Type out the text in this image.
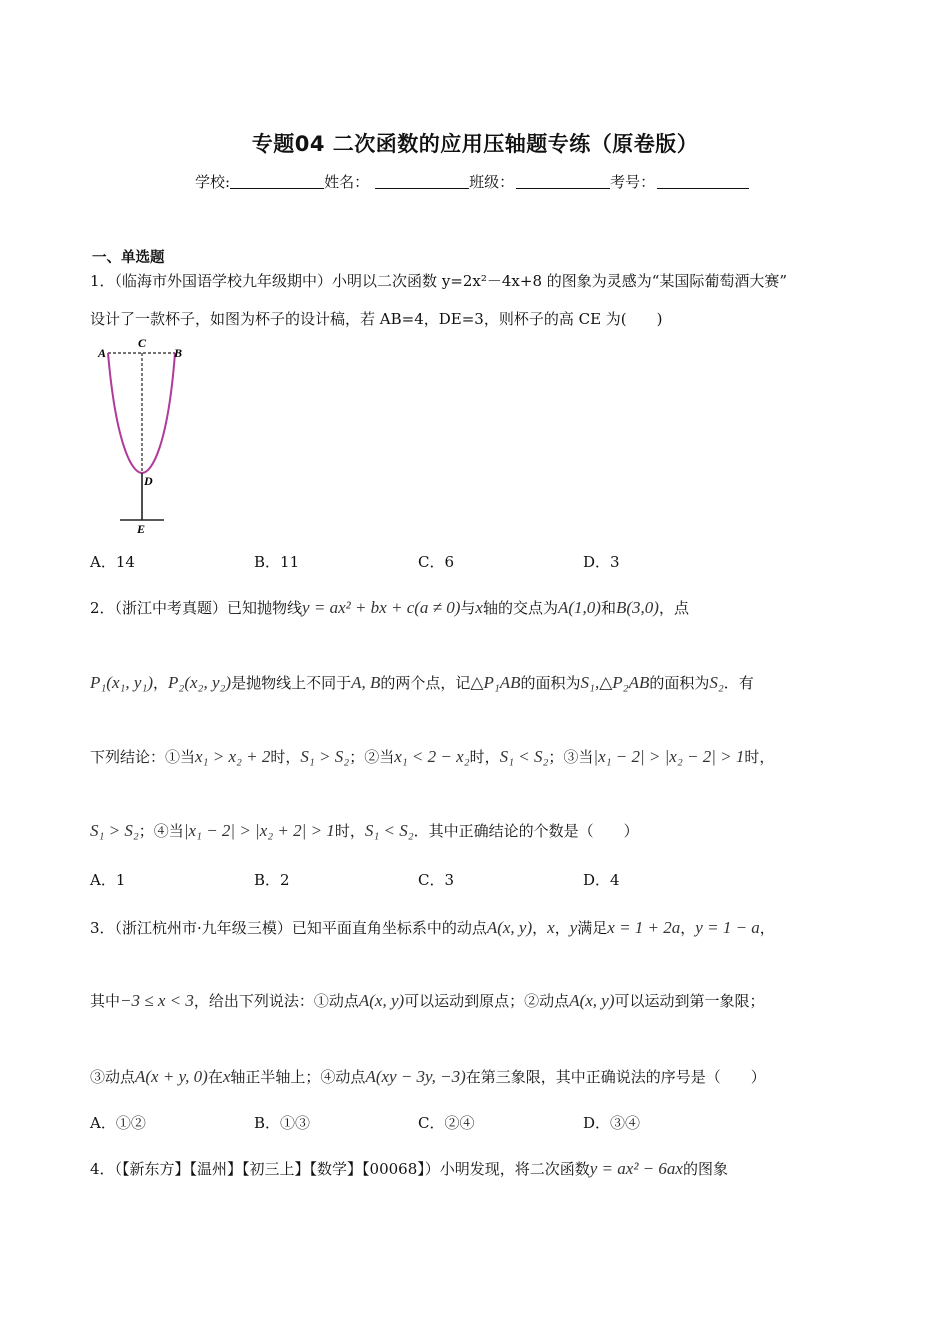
专题04 二次函数的应用压轴题专练（原卷版）
学校:	姓名：	班级：	考号：
一、单选题
1．（临海市外国语学校九年级期中）小明以二次函数 y=2x²－4x+8 的图象为灵感为“某国际葡萄酒大赛”
设计了一款杯子，如图为杯子的设计稿，若 AB=4，DE=3，则杯子的高 CE 为(　　)
A
C
B
D
E
A．14	B．11	C．6	D．3
2．（浙江中考真题）已知抛物线y = ax² + bx + c(a ≠ 0)与x轴的交点为A(1,0)和B(3,0)，点
P₁(x₁, y₁)，P₂(x₂, y₂)是抛物线上不同于A, B的两个点，记△P₁AB的面积为S₁,△P₂AB的面积为S₂．有
下列结论：①当x₁ > x₂ + 2时，S₁ > S₂；②当x₁ < 2 − x₂时，S₁ < S₂；③当|x₁ − 2| > |x₂ − 2| > 1时，
S₁ > S₂；④当|x₁ − 2| > |x₂ + 2| > 1时，S₁ < S₂．其中正确结论的个数是（　　）
A．1	B．2	C．3	D．4
3．（浙江杭州市·九年级三模）已知平面直角坐标系中的动点A(x, y)，x，y满足x = 1 + 2a，y = 1 − a，
其中−3 ≤ x < 3，给出下列说法：①动点A(x, y)可以运动到原点；②动点A(x, y)可以运动到第一象限；
③动点A(x + y, 0)在x轴正半轴上；④动点A(xy − 3y, −3)在第三象限，其中正确说法的序号是（　　）
A．①②	B．①③	C．②④	D．③④
4．（【新东方】【温州】【初三上】【数学】【00068】）小明发现，将二次函数y = ax² − 6ax的图象
